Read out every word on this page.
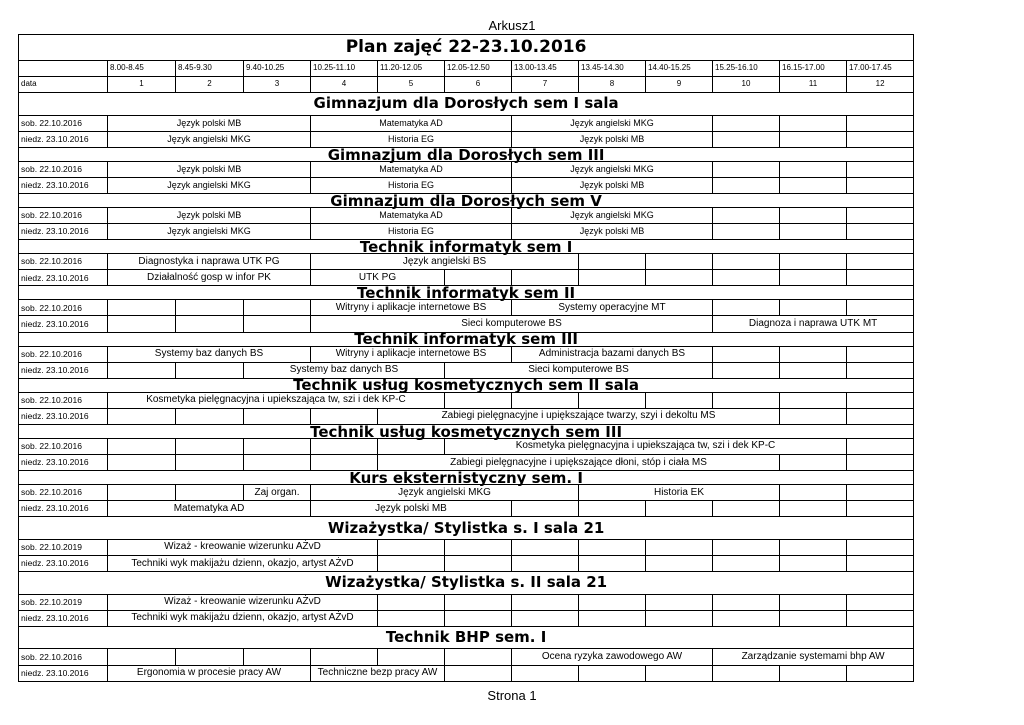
Arkusz1
Plan zajęć 22-23.10.2016												
	8.00-8.45	8.45-9.30	9.40-10.25	10.25-11.10	11.20-12.05	12.05-12.50	13.00-13.45	13.45-14.30	14.40-15.25	15.25-16.10	16.15-17.00	17.00-17.45
data	1	2	3	4	5	6	7	8	9	10	11	12
Gimnazjum dla Dorosłych sem I sala												
sob. 22.10.2016	Język polski MB			Matematyka AD			Język angielski MKG					
niedz. 23.10.2016	Język angielski MKG			Historia EG			Język polski MB					
Gimnazjum dla Dorosłych sem III												
sob. 22.10.2016	Język polski MB			Matematyka AD			Język angielski MKG					
niedz. 23.10.2016	Język angielski MKG			Historia EG			Język polski MB					
Gimnazjum dla Dorosłych sem V												
sob. 22.10.2016	Język polski MB			Matematyka AD			Język angielski MKG					
niedz. 23.10.2016	Język angielski MKG			Historia EG			Język polski MB					
Technik informatyk sem I												
sob. 22.10.2016	Diagnostyka i naprawa UTK PG			Język angielski BS								
niedz. 23.10.2016	Działalność gosp w infor PK			UTK PG								
Technik informatyk sem II												
sob. 22.10.2016				Witryny i aplikacje internetowe BS			Systemy operacyjne MT					
niedz. 23.10.2016				Sieci komputerowe BS						Diagnoza i naprawa UTK MT		
Technik informatyk sem III												
sob. 22.10.2016	Systemy baz danych BS			Witryny i aplikacje internetowe BS			Administracja bazami danych BS					
niedz. 23.10.2016			Systemy baz danych BS			Sieci komputerowe BS						
Technik usług kosmetycznych sem II sala												
sob. 22.10.2016	Kosmetyka pielęgnacyjna i upiekszająca tw, szi i dek KP-C											
niedz. 23.10.2016					Zabiegi pielęgnacyjne i upiększające twarzy, szyi i dekoltu MS							
Technik usług kosmetycznych sem III												
sob. 22.10.2016						Kosmetyka pielęgnacyjna i upiekszająca tw, szi i dek KP-C						
niedz. 23.10.2016					Zabiegi pielęgnacyjne i upiększające dłoni, stóp i ciała MS							
Kurs eksternistyczny sem. I												
sob. 22.10.2016			Zaj organ.	Język angielski MKG				Historia EK				
niedz. 23.10.2016	Matematyka AD			Język polski MB								
Wizażystka/ Stylistka s. I sala 21												
sob. 22.10.2019	Wizaż - kreowanie wizerunku AŻvD											
niedz. 23.10.2016	Techniki wyk makijażu dzienn, okazjo, artyst AŻvD											
Wizażystka/ Stylistka s. II sala 21												
sob. 22.10.2019	Wizaż - kreowanie wizerunku AŻvD											
niedz. 23.10.2016	Techniki wyk makijażu dzienn, okazjo, artyst AŻvD											
Technik BHP sem. I												
sob. 22.10.2016							Ocena ryzyka zawodowego AW			Zarządzanie systemami bhp AW		
niedz. 23.10.2016	Ergonomia w procesie pracy AW			Techniczne bezp pracy AW								
Strona 1
